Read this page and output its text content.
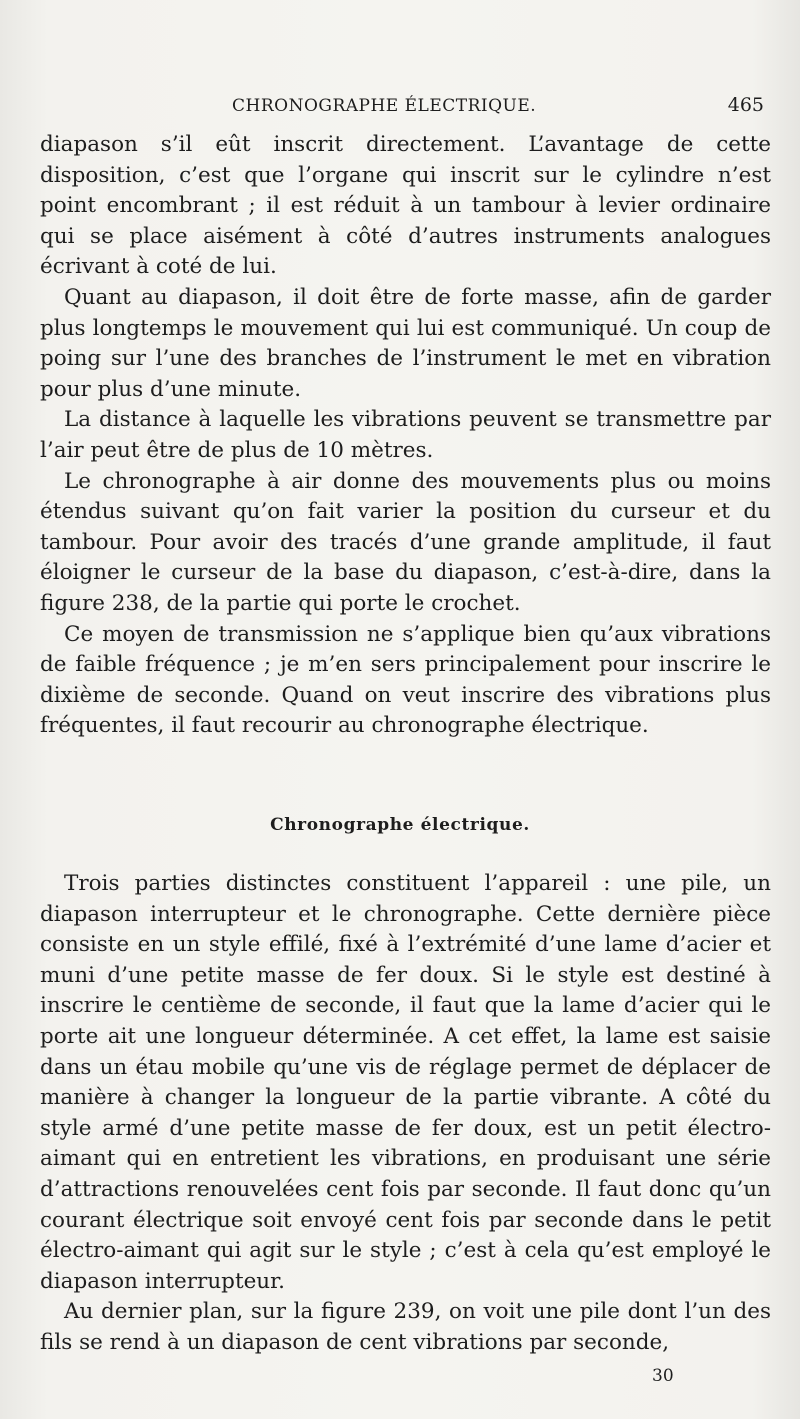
CHRONOGRAPHE ÉLECTRIQUE.	465

diapason s’il eût inscrit directement. L’avantage de cette disposition, c’est que l’organe qui inscrit sur le cylindre n’est point encombrant ; il est réduit à un tambour à levier ordinaire qui se place aisément à côté d’autres instruments analogues écrivant à coté de lui.

Quant au diapason, il doit être de forte masse, afin de garder plus longtemps le mouvement qui lui est communiqué. Un coup de poing sur l’une des branches de l’instrument le met en vibration pour plus d’une minute.

La distance à laquelle les vibrations peuvent se transmettre par l’air peut être de plus de 10 mètres.

Le chronographe à air donne des mouvements plus ou moins étendus suivant qu’on fait varier la position du curseur et du tambour. Pour avoir des tracés d’une grande amplitude, il faut éloigner le curseur de la base du diapason, c’est-à-dire, dans la figure 238, de la partie qui porte le crochet.

Ce moyen de transmission ne s’applique bien qu’aux vibrations de faible fréquence ; je m’en sers principalement pour inscrire le dixième de seconde. Quand on veut inscrire des vibrations plus fréquentes, il faut recourir au chronographe électrique.

Chronographe électrique.

Trois parties distinctes constituent l’appareil : une pile, un diapason interrupteur et le chronographe. Cette dernière pièce consiste en un style effilé, fixé à l’extrémité d’une lame d’acier et muni d’une petite masse de fer doux. Si le style est destiné à inscrire le centième de seconde, il faut que la lame d’acier qui le porte ait une longueur déterminée. A cet effet, la lame est saisie dans un étau mobile qu’une vis de réglage permet de déplacer de manière à changer la longueur de la partie vibrante. A côté du style armé d’une petite masse de fer doux, est un petit électro-aimant qui en entretient les vibrations, en produisant une série d’attractions renouvelées cent fois par seconde. Il faut donc qu’un courant électrique soit envoyé cent fois par seconde dans le petit électro-aimant qui agit sur le style ; c’est à cela qu’est employé le diapason interrupteur.

Au dernier plan, sur la figure 239, on voit une pile dont l’un des fils se rend à un diapason de cent vibrations par seconde,

30
